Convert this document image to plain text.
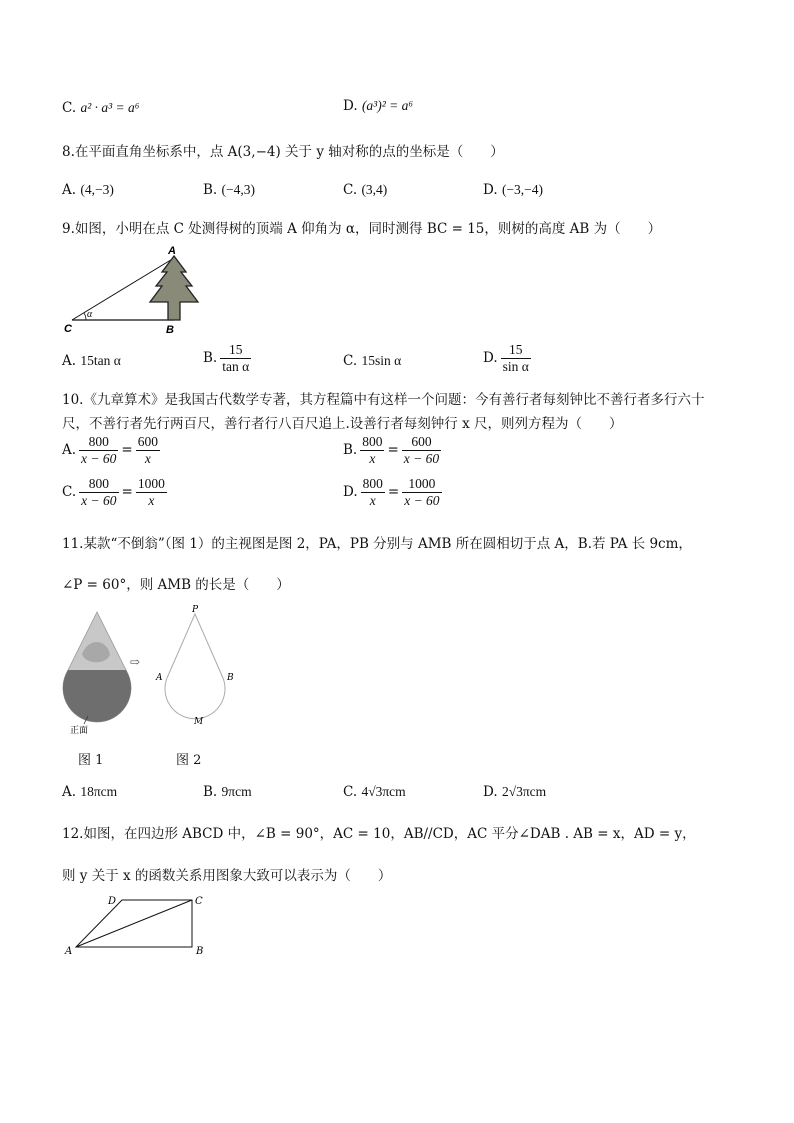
C. a² · a³ = a⁶	D. (a³)² = a⁶
8.在平面直角坐标系中，点 A(3,−4) 关于 y 轴对称的点的坐标是（　　）
A. (4,−3)	B. (−4,3)	C. (3,4)	D. (−3,−4)
9.如图，小明在点 C 处测得树的顶端 A 仰角为 α，同时测得 BC = 15，则树的高度 AB 为（　　）
A
C	B
α
A. 15tan α	B. $\frac{15}{\text{tan α}}$	C. 15sin α	D. $\frac{15}{\text{sin α}}$
10.《九章算术》是我国古代数学专著，其方程篇中有这样一个问题：今有善行者每刻钟比不善行者多行六十
尺，不善行者先行两百尺，善行者行八百尺追上.设善行者每刻钟行 x 尺，则列方程为（　　）
A. $\frac{800}{x - 60} = \frac{600}{x}$	B. $\frac{800}{x} = \frac{600}{x - 60}$
C. $\frac{800}{x - 60} = \frac{1000}{x}$	D. $\frac{800}{x} = \frac{1000}{x - 60}$
11.某款“不倒翁”（图 1）的主视图是图 2，PA，PB 分别与 AMB 所在圆相切于点 A，B.若 PA 长 9cm，
∠P = 60°，则 AMB 的长是（　　）
正面
⇨
P
A	B
M
图 1	图 2
A. 18πcm	B. 9πcm	C. 4√3πcm	D. 2√3πcm
12.如图，在四边形 ABCD 中，∠B = 90°，AC = 10，AB//CD，AC 平分∠DAB . AB = x，AD = y，
则 y 关于 x 的函数关系用图象大致可以表示为（　　）
A	B
C
D
